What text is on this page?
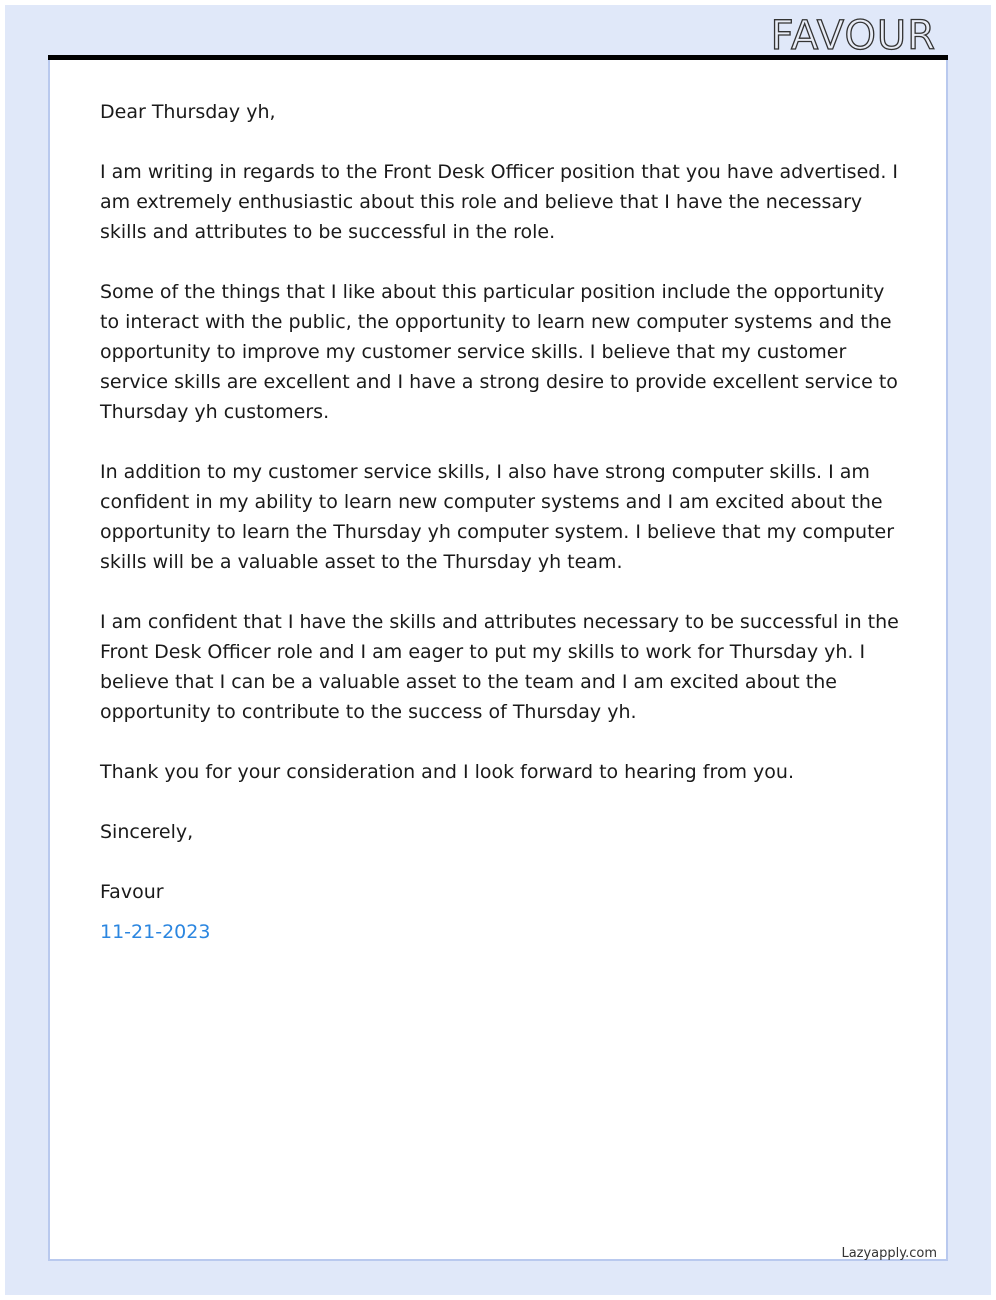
FAVOUR

Dear Thursday yh,

I am writing in regards to the Front Desk Officer position that you have advertised. I am extremely enthusiastic about this role and believe that I have the necessary skills and attributes to be successful in the role.

Some of the things that I like about this particular position include the opportunity to interact with the public, the opportunity to learn new computer systems and the opportunity to improve my customer service skills. I believe that my customer service skills are excellent and I have a strong desire to provide excellent service to Thursday yh customers.

In addition to my customer service skills, I also have strong computer skills. I am confident in my ability to learn new computer systems and I am excited about the opportunity to learn the Thursday yh computer system. I believe that my computer skills will be a valuable asset to the Thursday yh team.

I am confident that I have the skills and attributes necessary to be successful in the Front Desk Officer role and I am eager to put my skills to work for Thursday yh. I believe that I can be a valuable asset to the team and I am excited about the opportunity to contribute to the success of Thursday yh.

Thank you for your consideration and I look forward to hearing from you.

Sincerely,

Favour

11-21-2023

Lazyapply.com
